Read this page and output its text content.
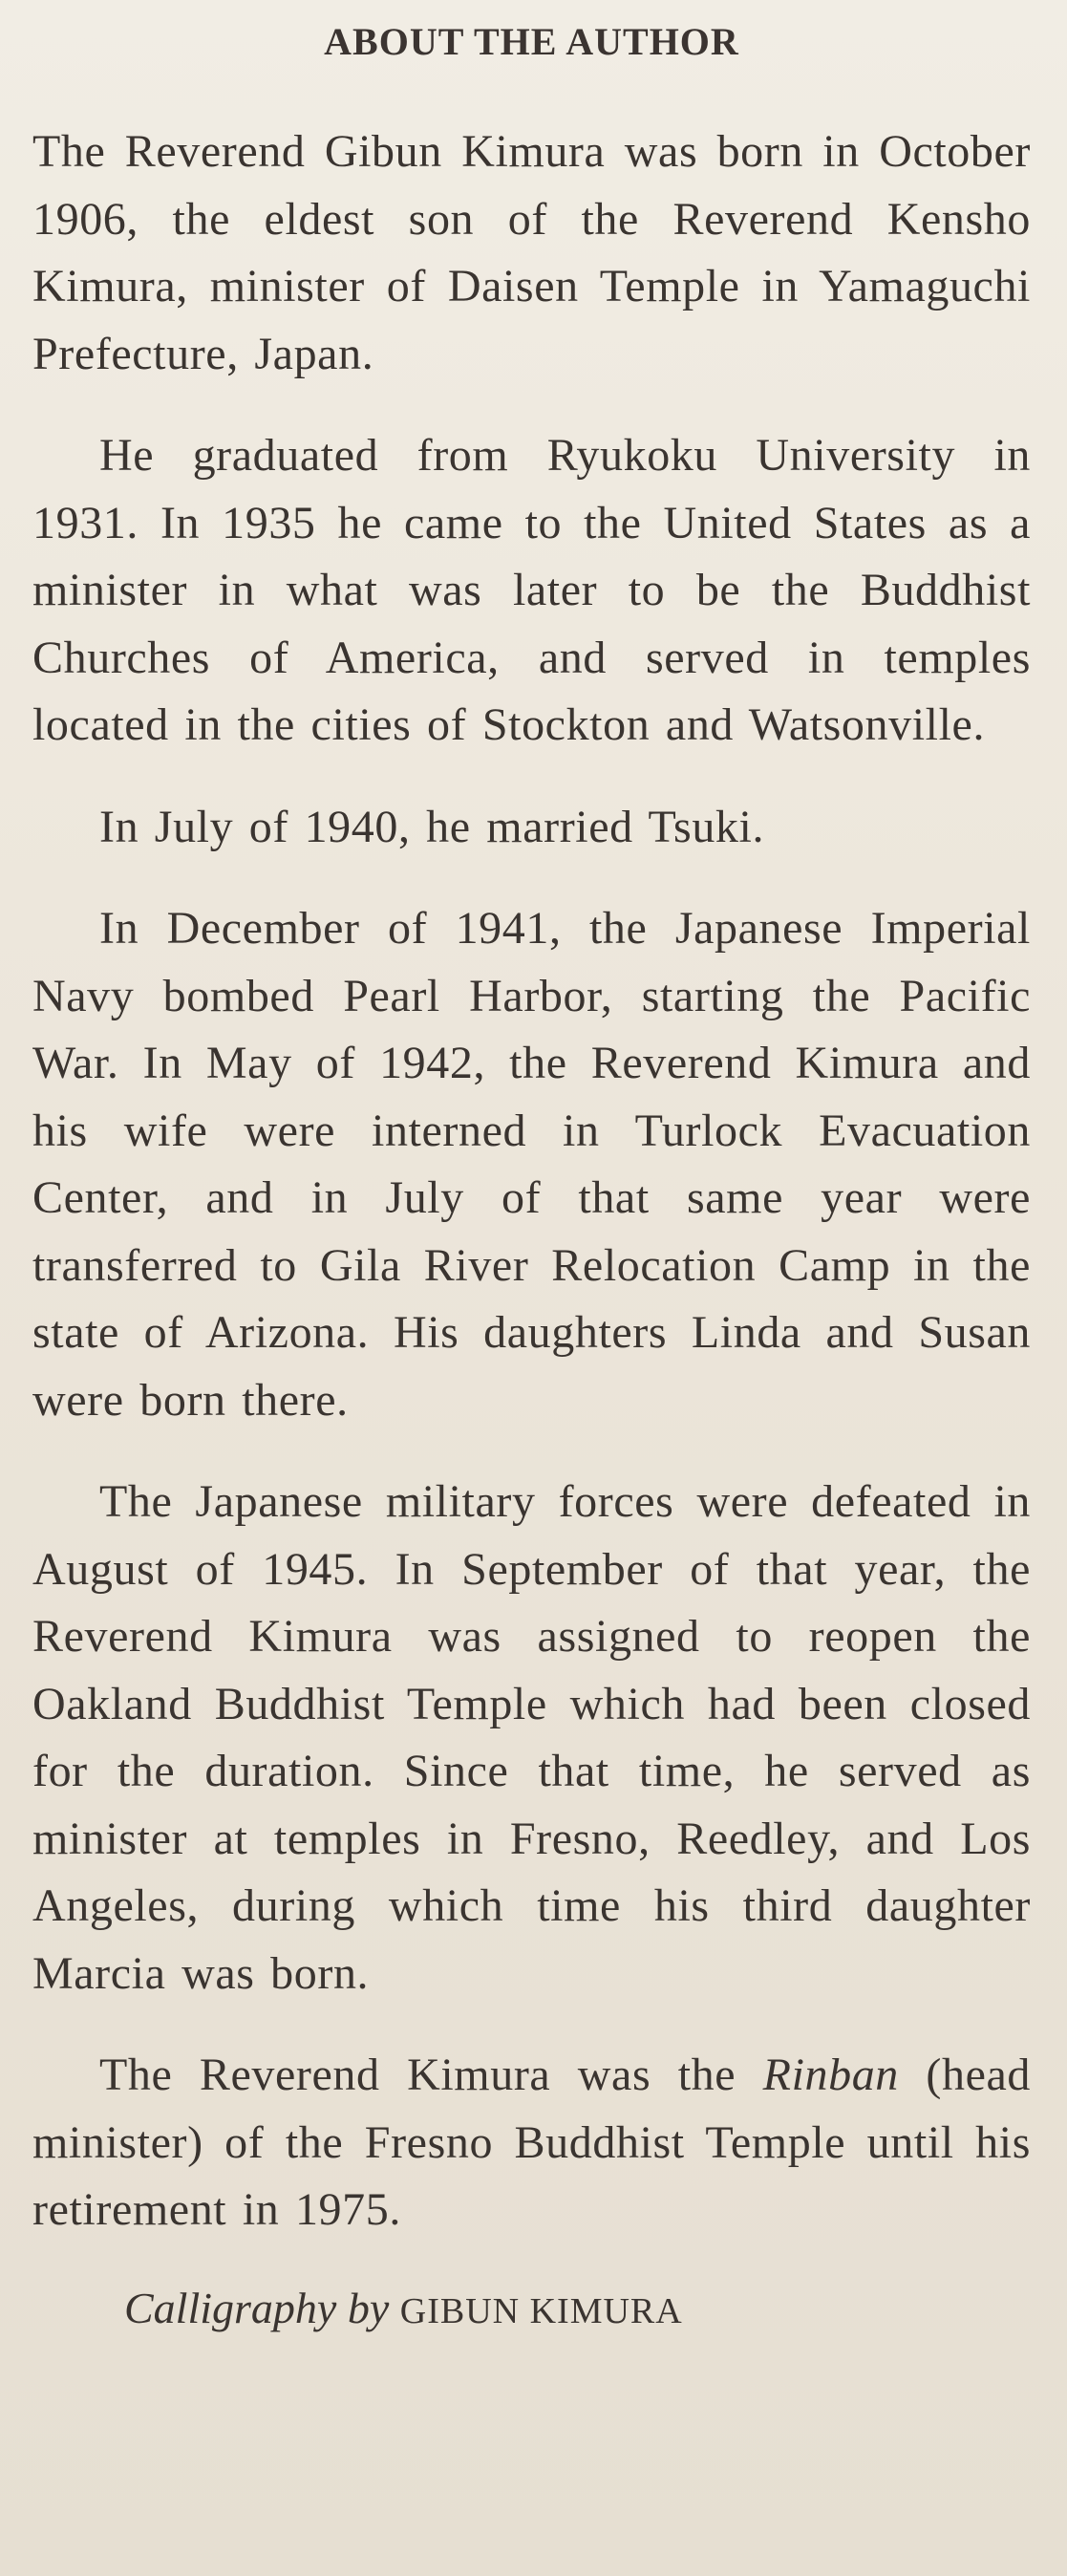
ABOUT THE AUTHOR

The Reverend Gibun Kimura was born in October 1906, the eldest son of the Reverend Kensho Kimura, minister of Daisen Temple in Yamaguchi Prefecture, Japan.

He graduated from Ryukoku University in 1931. In 1935 he came to the United States as a minister in what was later to be the Buddhist Churches of America, and served in temples located in the cities of Stockton and Watsonville.

In July of 1940, he married Tsuki.

In December of 1941, the Japanese Imperial Navy bombed Pearl Harbor, starting the Pacific War. In May of 1942, the Reverend Kimura and his wife were interned in Turlock Evacuation Center, and in July of that same year were transferred to Gila River Relocation Camp in the state of Arizona. His daughters Linda and Susan were born there.

The Japanese military forces were defeated in August of 1945. In September of that year, the Reverend Kimura was assigned to reopen the Oakland Buddhist Temple which had been closed for the duration. Since that time, he served as minister at temples in Fresno, Reedley, and Los Angeles, during which time his third daughter Marcia was born.

The Reverend Kimura was the Rinban (head minister) of the Fresno Buddhist Temple until his retirement in 1975.

Calligraphy by GIBUN KIMURA
